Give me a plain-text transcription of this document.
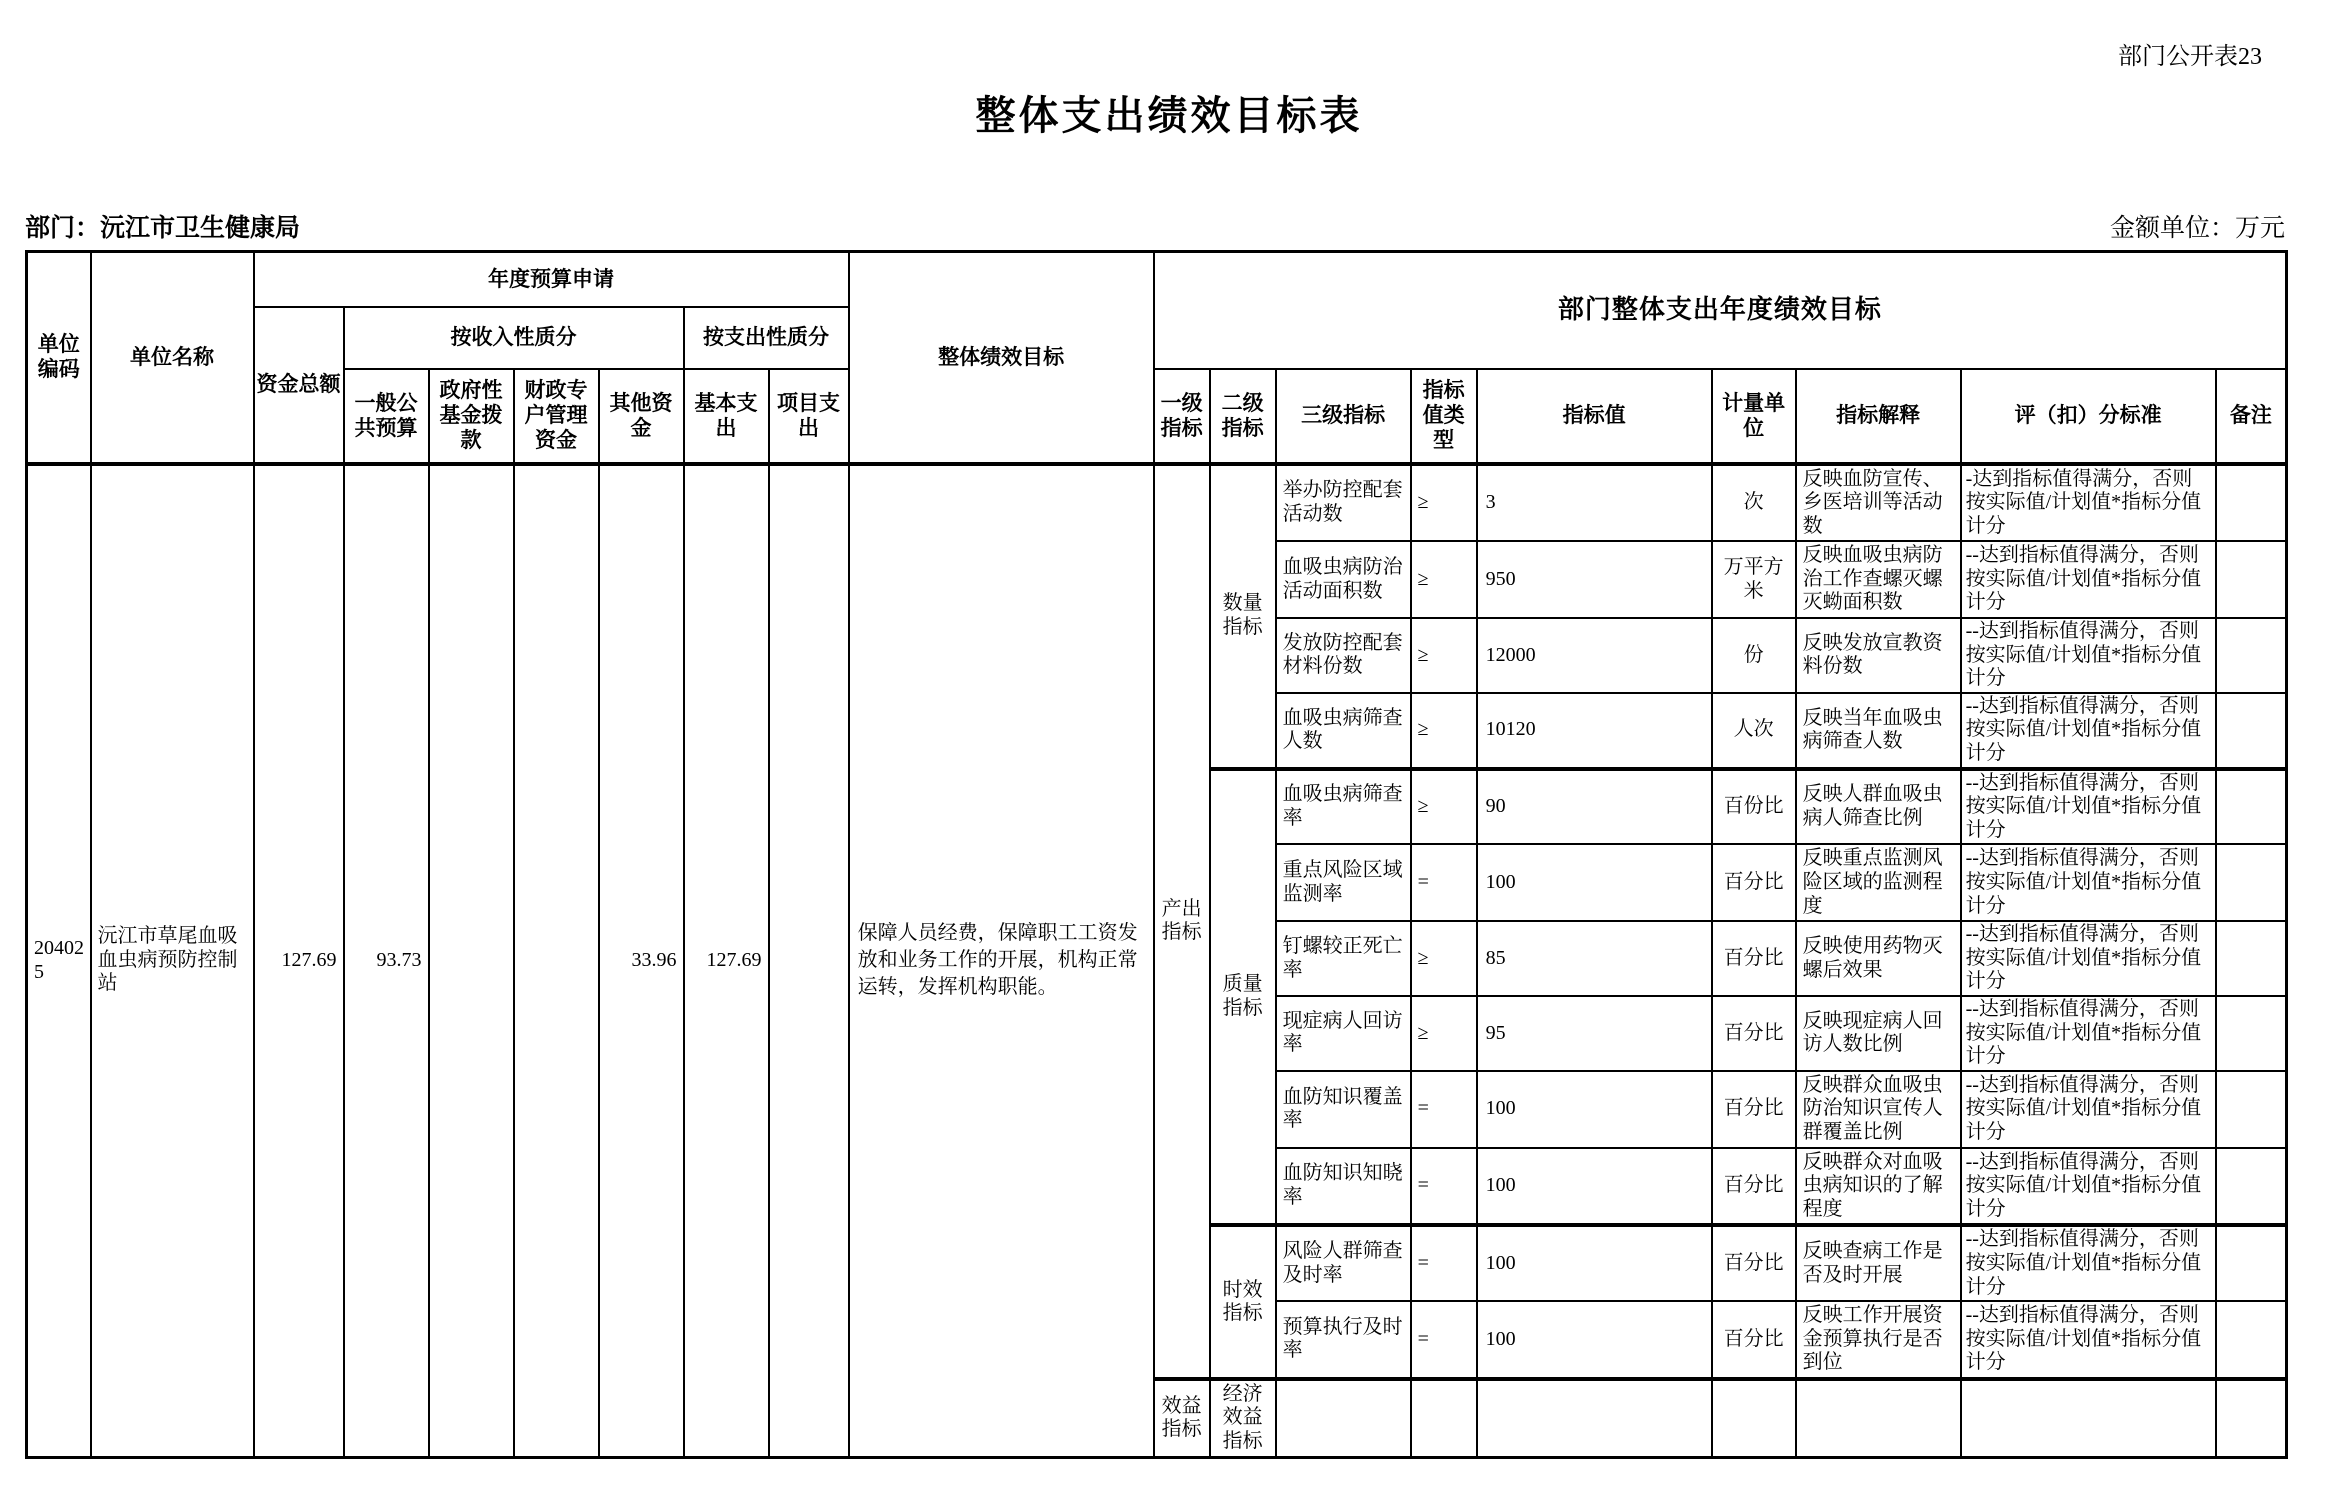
部门公开表23
整体支出绩效目标表
部门：沅江市卫生健康局	金额单位：万元
单位编码	单位名称	年度预算申请							整体绩效目标	部门整体支出年度绩效目标								
		资金总额	按收入性质分				按支出性质分											
			一般公共预算	政府性基金拨款	财政专户管理资金	其他资金	基本支出	项目支出		一级指标	二级指标	三级指标	指标值类型	指标值	计量单位	指标解释	评（扣）分标准	备注
204025	沅江市草尾血吸血虫病预防控制站	127.69	93.73			33.96	127.69		保障人员经费，保障职工工资发放和业务工作的开展，机构正常运转，发挥机构职能。	产出指标	数量指标	举办防控配套活动数	≥	3	次	反映血防宣传、乡医培训等活动数	-达到指标值得满分，否则按实际值/计划值*指标分值计分	
												血吸虫病防治活动面积数	≥	950	万平方米	反映血吸虫病防治工作查螺灭螺灭蚴面积数	--达到指标值得满分，否则按实际值/计划值*指标分值计分	
												发放防控配套材料份数	≥	12000	份	反映发放宣教资料份数	--达到指标值得满分，否则按实际值/计划值*指标分值计分	
												血吸虫病筛查人数	≥	10120	人次	反映当年血吸虫病筛查人数	--达到指标值得满分，否则按实际值/计划值*指标分值计分	
											质量指标	血吸虫病筛查率	≥	90	百份比	反映人群血吸虫病人筛查比例	--达到指标值得满分，否则按实际值/计划值*指标分值计分	
												重点风险区域监测率	=	100	百分比	反映重点监测风险区域的监测程度	--达到指标值得满分，否则按实际值/计划值*指标分值计分	
												钉螺较正死亡率	≥	85	百分比	反映使用药物灭螺后效果	--达到指标值得满分，否则按实际值/计划值*指标分值计分	
												现症病人回访率	≥	95	百分比	反映现症病人回访人数比例	--达到指标值得满分，否则按实际值/计划值*指标分值计分	
												血防知识覆盖率	=	100	百分比	反映群众血吸虫防治知识宣传人群覆盖比例	--达到指标值得满分，否则按实际值/计划值*指标分值计分	
												血防知识知晓率	=	100	百分比	反映群众对血吸虫病知识的了解程度	--达到指标值得满分，否则按实际值/计划值*指标分值计分	
											时效指标	风险人群筛查及时率	=	100	百分比	反映查病工作是否及时开展	--达到指标值得满分，否则按实际值/计划值*指标分值计分	
												预算执行及时率	=	100	百分比	反映工作开展资金预算执行是否到位	--达到指标值得满分，否则按实际值/计划值*指标分值计分	
										效益指标	经济效益指标							
